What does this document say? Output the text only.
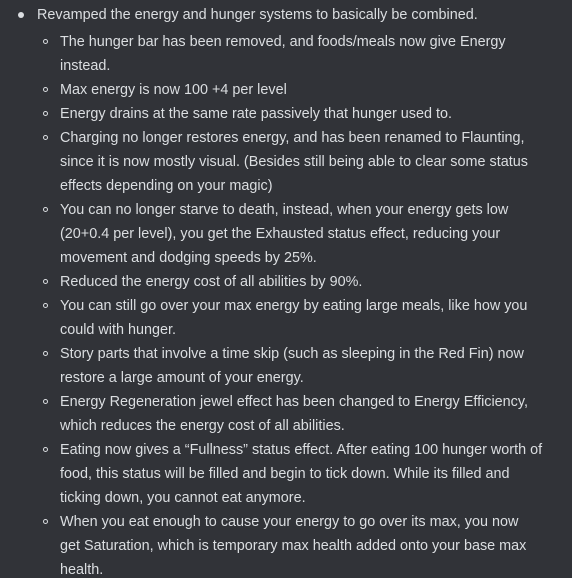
Revamped the energy and hunger systems to basically be combined.
The hunger bar has been removed, and foods/meals now give Energy
instead.
Max energy is now 100 +4 per level
Energy drains at the same rate passively that hunger used to.
Charging no longer restores energy, and has been renamed to Flaunting,
since it is now mostly visual. (Besides still being able to clear some status
effects depending on your magic)
You can no longer starve to death, instead, when your energy gets low
(20+0.4 per level), you get the Exhausted status effect, reducing your
movement and dodging speeds by 25%.
Reduced the energy cost of all abilities by 90%.
You can still go over your max energy by eating large meals, like how you
could with hunger.
Story parts that involve a time skip (such as sleeping in the Red Fin) now
restore a large amount of your energy.
Energy Regeneration jewel effect has been changed to Energy Efficiency,
which reduces the energy cost of all abilities.
Eating now gives a “Fullness” status effect. After eating 100 hunger worth of
food, this status will be filled and begin to tick down. While its filled and
ticking down, you cannot eat anymore.
When you eat enough to cause your energy to go over its max, you now
get Saturation, which is temporary max health added onto your base max
health.
